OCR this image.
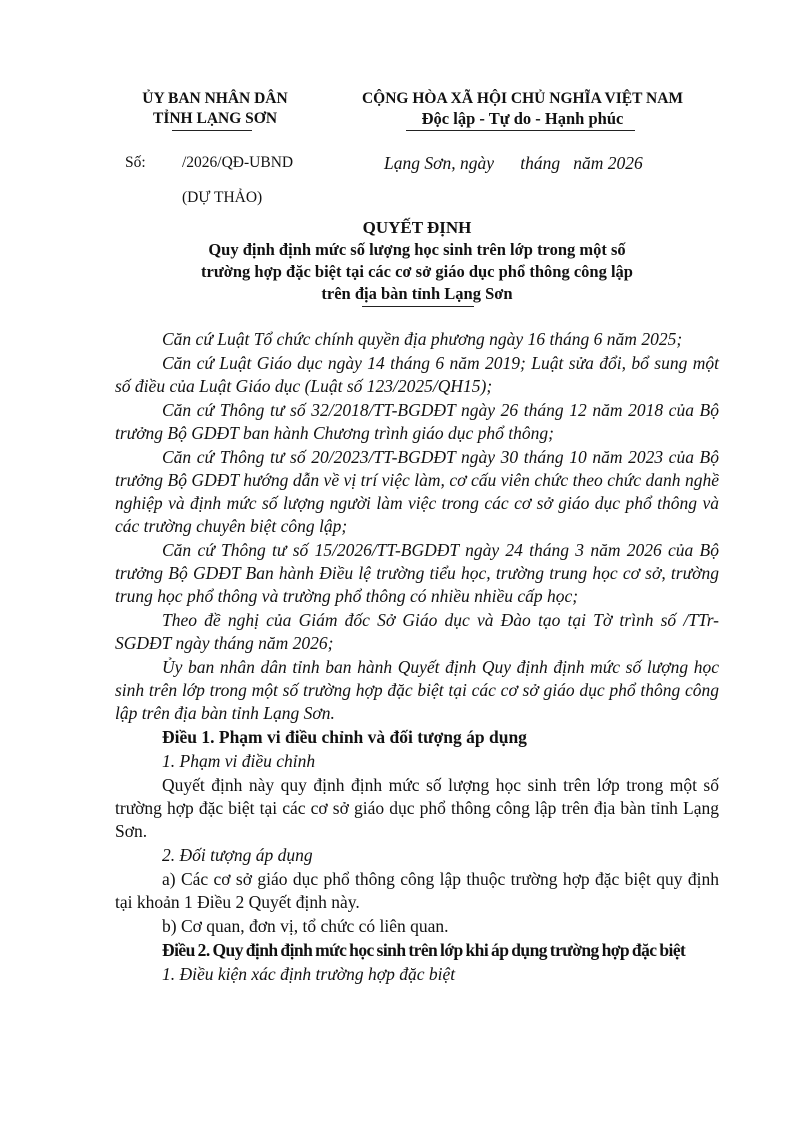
ỦY BAN NHÂN DÂN
TỈNH LẠNG SƠN
CỘNG HÒA XÃ HỘI CHỦ NGHĨA VIỆT NAM
Độc lập - Tự do - Hạnh phúc
Số: /2026/QĐ-UBND	Lạng Sơn, ngày      tháng   năm 2026
(DỰ THẢO)
QUYẾT ĐỊNH
Quy định định mức số lượng học sinh trên lớp trong một số
trường hợp đặc biệt tại các cơ sở giáo dục phổ thông công lập
trên địa bàn tỉnh Lạng Sơn

Căn cứ Luật Tổ chức chính quyền địa phương ngày 16 tháng 6 năm 2025;

Căn cứ Luật Giáo dục ngày 14 tháng 6 năm 2019; Luật sửa đổi, bổ sung một số điều của Luật Giáo dục (Luật số 123/2025/QH15);

Căn cứ Thông tư số 32/2018/TT-BGDĐT ngày 26 tháng 12 năm 2018 của Bộ trưởng Bộ GDĐT ban hành Chương trình giáo dục phổ thông;

Căn cứ Thông tư số 20/2023/TT-BGDĐT ngày 30 tháng 10 năm 2023 của Bộ trưởng Bộ GDĐT hướng dẫn về vị trí việc làm, cơ cấu viên chức theo chức danh nghề nghiệp và định mức số lượng người làm việc trong các cơ sở giáo dục phổ thông và các trường chuyên biệt công lập;

Căn cứ Thông tư số 15/2026/TT-BGDĐT ngày 24 tháng 3 năm 2026 của Bộ trưởng Bộ GDĐT Ban hành Điều lệ trường tiểu học, trường trung học cơ sở, trường trung học phổ thông và trường phổ thông có nhiều nhiều cấp học;

Theo đề nghị của Giám đốc Sở Giáo dục và Đào tạo tại Tờ trình số /TTr-SGDĐT ngày tháng năm 2026;

Ủy ban nhân dân tỉnh ban hành Quyết định Quy định định mức số lượng học sinh trên lớp trong một số trường hợp đặc biệt tại các cơ sở giáo dục phổ thông công lập trên địa bàn tỉnh Lạng Sơn.

Điều 1. Phạm vi điều chỉnh và đối tượng áp dụng

1. Phạm vi điều chỉnh

Quyết định này quy định định mức số lượng học sinh trên lớp trong một số trường hợp đặc biệt tại các cơ sở giáo dục phổ thông công lập trên địa bàn tỉnh Lạng Sơn.

2. Đối tượng áp dụng

a) Các cơ sở giáo dục phổ thông công lập thuộc trường hợp đặc biệt quy định tại khoản 1 Điều 2 Quyết định này.

b) Cơ quan, đơn vị, tổ chức có liên quan.

Điều 2. Quy định định mức học sinh trên lớp khi áp dụng trường hợp đặc biệt

1. Điều kiện xác định trường hợp đặc biệt
